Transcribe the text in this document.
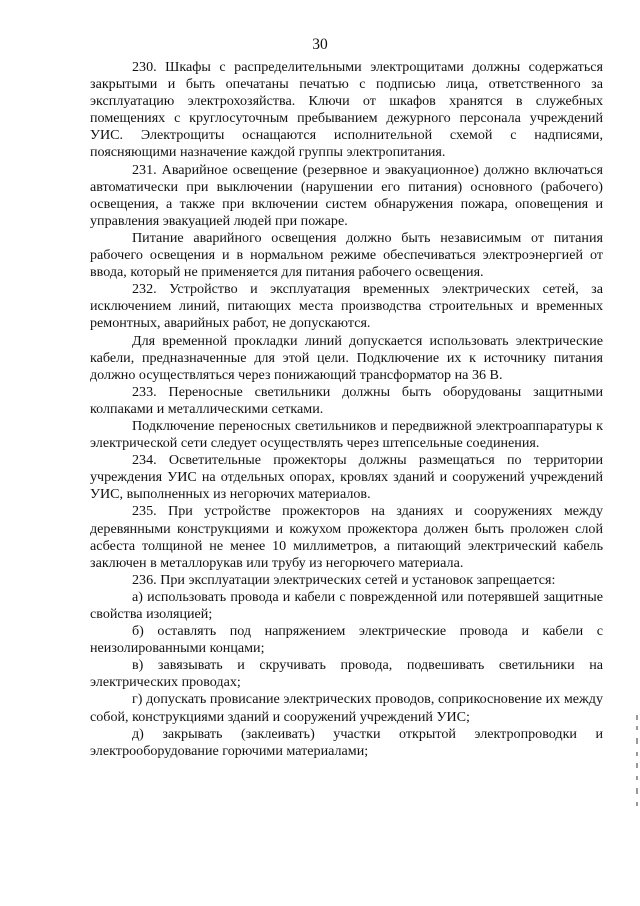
30

230. Шкафы с распределительными электрощитами должны содержаться закрытыми и быть опечатаны печатью с подписью лица, ответственного за эксплуатацию электрохозяйства. Ключи от шкафов хранятся в служебных помещениях с круглосуточным пребыванием дежурного персонала учреждений УИС. Электрощиты оснащаются исполнительной схемой с надписями, поясняющими назначение каждой группы электропитания.

231. Аварийное освещение (резервное и эвакуационное) должно включаться автоматически при выключении (нарушении его питания) основного (рабочего) освещения, а также при включении систем обнаружения пожара, оповещения и управления эвакуацией людей при пожаре.

Питание аварийного освещения должно быть независимым от питания рабочего освещения и в нормальном режиме обеспечиваться электроэнергией от ввода, который не применяется для питания рабочего освещения.

232. Устройство и эксплуатация временных электрических сетей, за исключением линий, питающих места производства строительных и временных ремонтных, аварийных работ, не допускаются.

Для временной прокладки линий допускается использовать электрические кабели, предназначенные для этой цели. Подключение их к источнику питания должно осуществляться через понижающий трансформатор на 36 В.

233. Переносные светильники должны быть оборудованы защитными колпаками и металлическими сетками.

Подключение переносных светильников и передвижной электроаппаратуры к электрической сети следует осуществлять через штепсельные соединения.

234. Осветительные прожекторы должны размещаться по территории учреждения УИС на отдельных опорах, кровлях зданий и сооружений учреждений УИС, выполненных из негорючих материалов.

235. При устройстве прожекторов на зданиях и сооружениях между деревянными конструкциями и кожухом прожектора должен быть проложен слой асбеста толщиной не менее 10 миллиметров, а питающий электрический кабель заключен в металлорукав или трубу из негорючего материала.

236. При эксплуатации электрических сетей и установок запрещается:

а) использовать провода и кабели с поврежденной или потерявшей защитные свойства изоляцией;

б) оставлять под напряжением электрические провода и кабели с неизолированными концами;

в) завязывать и скручивать провода, подвешивать светильники на электрических проводах;

г) допускать провисание электрических проводов, соприкосновение их между собой, конструкциями зданий и сооружений учреждений УИС;

д) закрывать (заклеивать) участки открытой электропроводки и электрооборудование горючими материалами;
